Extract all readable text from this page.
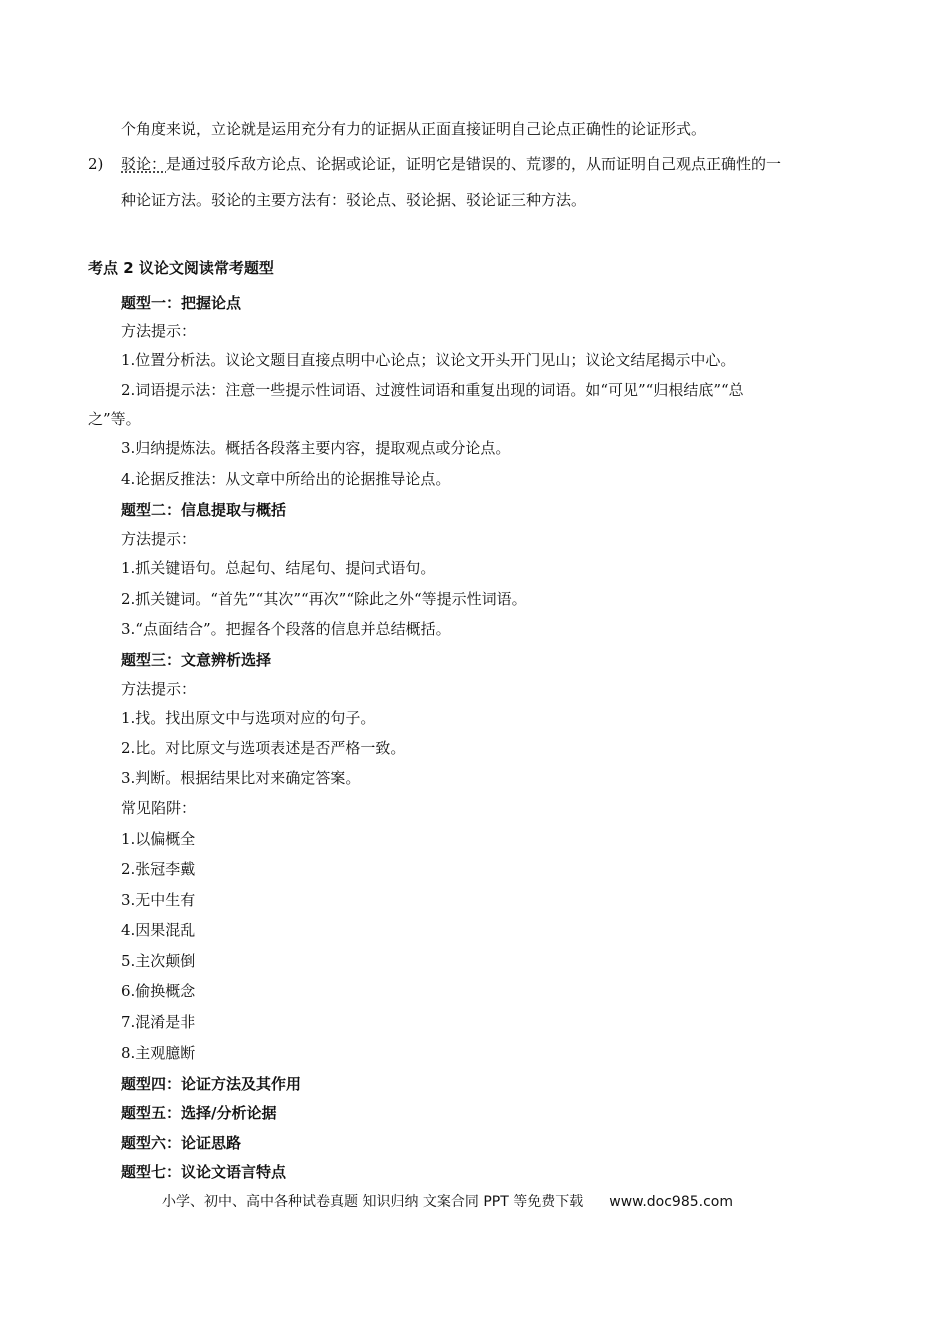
个角度来说，立论就是运用充分有力的证据从正面直接证明自己论点正确性的论证形式。
2) 驳论：是通过驳斥敌方论点、论据或论证，证明它是错误的、荒谬的，从而证明自己观点正确性的一
种论证方法。驳论的主要方法有：驳论点、驳论据、驳论证三种方法。
考点 2 议论文阅读常考题型
题型一：把握论点
方法提示：
1.位置分析法。议论文题目直接点明中心论点；议论文开头开门见山；议论文结尾揭示中心。
2.词语提示法：注意一些提示性词语、过渡性词语和重复出现的词语。如“可见”“归根结底”“总
之”等。
3.归纳提炼法。概括各段落主要内容，提取观点或分论点。
4.论据反推法：从文章中所给出的论据推导论点。
题型二：信息提取与概括
方法提示：
1.抓关键语句。总起句、结尾句、提问式语句。
2.抓关键词。“首先”“其次”“再次”“除此之外“等提示性词语。
3.“点面结合”。把握各个段落的信息并总结概括。
题型三：文意辨析选择
方法提示：
1.找。找出原文中与选项对应的句子。
2.比。对比原文与选项表述是否严格一致。
3.判断。根据结果比对来确定答案。
常见陷阱：
1.以偏概全
2.张冠李戴
3.无中生有
4.因果混乱
5.主次颠倒
6.偷换概念
7.混淆是非
8.主观臆断
题型四：论证方法及其作用
题型五：选择/分析论据
题型六：论证思路
题型七：议论文语言特点
小学、初中、高中各种试卷真题 知识归纳 文案合同 PPT 等免费下载 www.doc985.com
